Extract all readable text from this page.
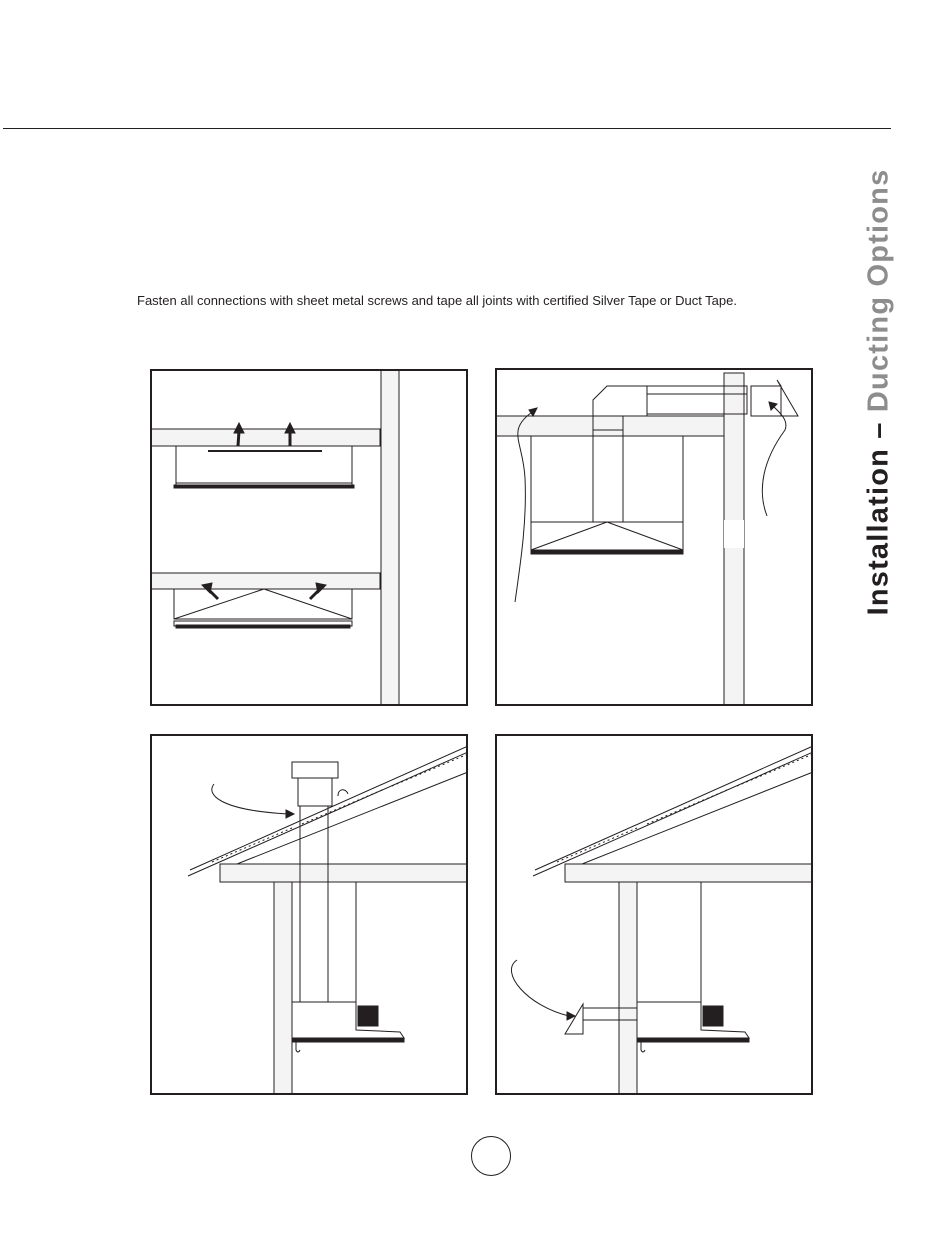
Installation – Ducting Options
Fasten all connections with sheet metal screws and tape all joints with certified Silver Tape or Duct Tape.
